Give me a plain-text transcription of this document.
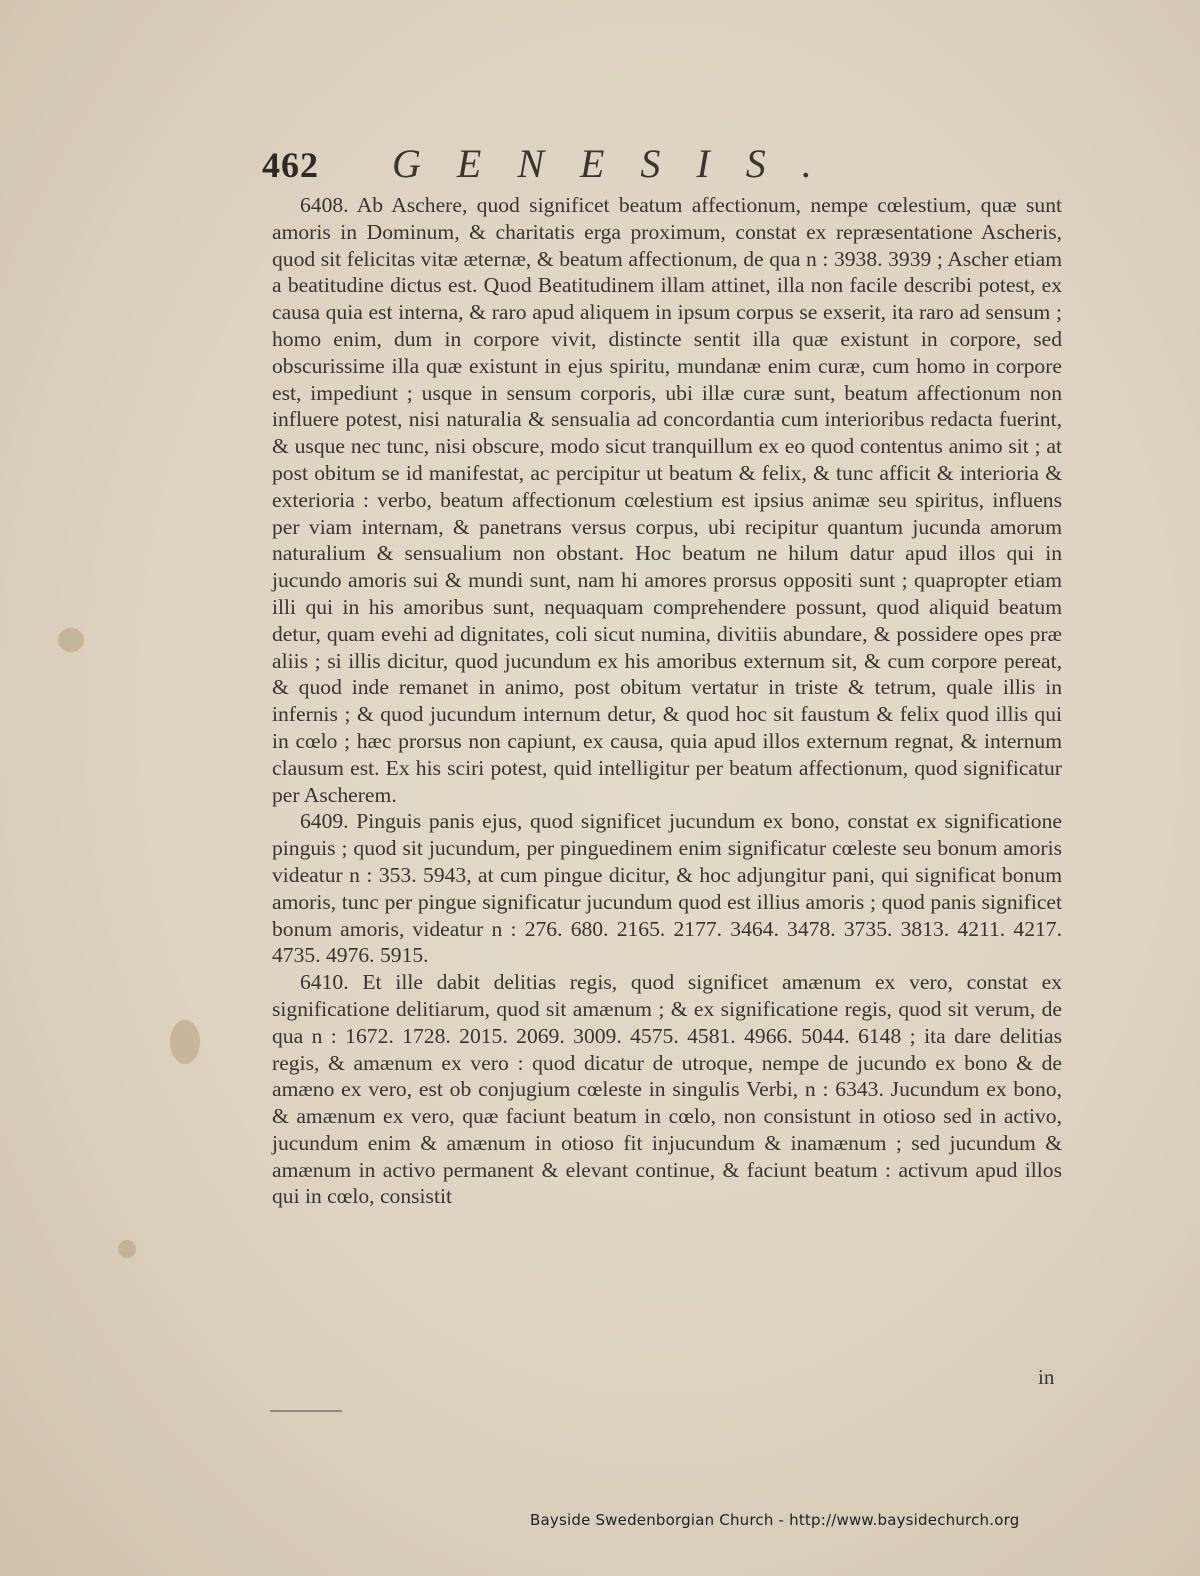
462 GENESIS.

6408. Ab Aschere, quod significet beatum affectionum, nempe cœlestium, quæ sunt amoris in Dominum, & charitatis erga proximum, constat ex repræsentatione Ascheris, quod sit felicitas vitæ æternæ, & beatum affectionum, de qua n : 3938. 3939 ; Ascher etiam a beatitudine dictus est. Quod Beatitudinem illam attinet, illa non facile describi potest, ex causa quia est interna, & raro apud aliquem in ipsum corpus se exserit, ita raro ad sensum ; homo enim, dum in corpore vivit, distincte sentit illa quæ existunt in corpore, sed obscurissime illa quæ existunt in ejus spiritu, mundanæ enim curæ, cum homo in corpore est, impediunt ; usque in sensum corporis, ubi illæ curæ sunt, beatum affectionum non influere potest, nisi naturalia & sensualia ad concordantia cum interioribus redacta fuerint, & usque nec tunc, nisi obscure, modo sicut tranquillum ex eo quod contentus animo sit ; at post obitum se id manifestat, ac percipitur ut beatum & felix, & tunc afficit & interioria & exterioria : verbo, beatum affectionum cœlestium est ipsius animæ seu spiritus, influens per viam internam, & panetrans versus corpus, ubi recipitur quantum jucunda amorum naturalium & sensualium non obstant. Hoc beatum ne hilum datur apud illos qui in jucundo amoris sui & mundi sunt, nam hi amores prorsus oppositi sunt ; quapropter etiam illi qui in his amoribus sunt, nequaquam comprehendere possunt, quod aliquid beatum detur, quam evehi ad dignitates, coli sicut numina, divitiis abundare, & possidere opes præ aliis ; si illis dicitur, quod jucundum ex his amoribus externum sit, & cum corpore pereat, & quod inde remanet in animo, post obitum vertatur in triste & tetrum, quale illis in infernis ; & quod jucundum internum detur, & quod hoc sit faustum & felix quod illis qui in cœlo ; hæc prorsus non capiunt, ex causa, quia apud illos externum regnat, & internum clausum est. Ex his sciri potest, quid intelligitur per beatum affectionum, quod significatur per Ascherem.

6409. Pinguis panis ejus, quod significet jucundum ex bono, constat ex significatione pinguis ; quod sit jucundum, per pinguedinem enim significatur cœleste seu bonum amoris videatur n : 353. 5943, at cum pingue dicitur, & hoc adjungitur pani, qui significat bonum amoris, tunc per pingue significatur jucundum quod est illius amoris ; quod panis significet bonum amoris, videatur n : 276. 680. 2165. 2177. 3464. 3478. 3735. 3813. 4211. 4217. 4735. 4976. 5915.

6410. Et ille dabit delitias regis, quod significet amænum ex vero, constat ex significatione delitiarum, quod sit amænum ; & ex significatione regis, quod sit verum, de qua n : 1672. 1728. 2015. 2069. 3009. 4575. 4581. 4966. 5044. 6148 ; ita dare delitias regis, & amænum ex vero : quod dicatur de utroque, nempe de jucundo ex bono & de amæno ex vero, est ob conjugium cœleste in singulis Verbi, n : 6343. Jucundum ex bono, & amænum ex vero, quæ faciunt beatum in cœlo, non consistunt in otioso sed in activo, jucundum enim & amænum in otioso fit injucundum & inamænum ; sed jucundum & amænum in activo permanent & elevant continue, & faciunt beatum : activum apud illos qui in cœlo, consistit

in
Bayside Swedenborgian Church - http://www.baysidechurch.org
